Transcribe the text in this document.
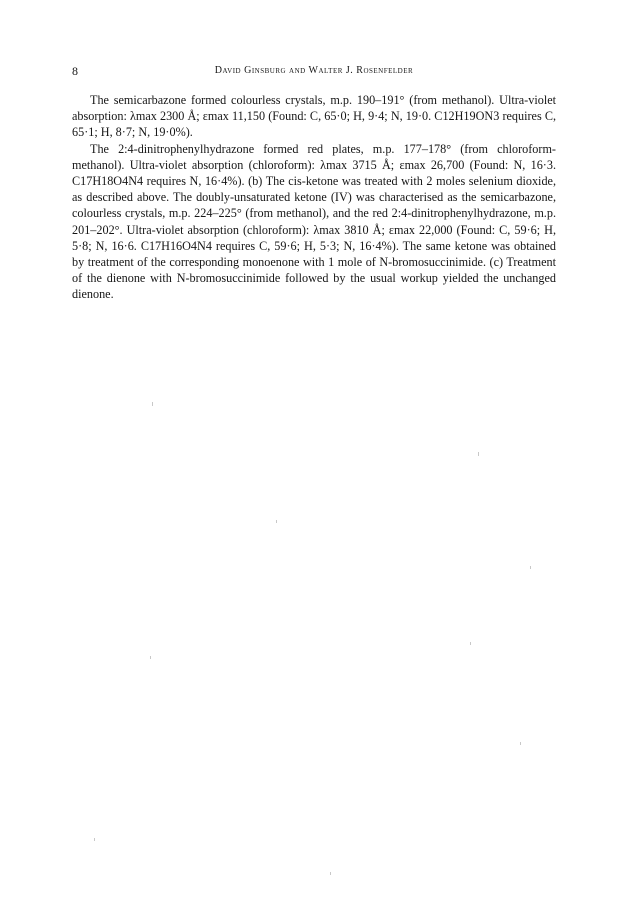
8	David Ginsburg and Walter J. Rosenfelder

The semicarbazone formed colourless crystals, m.p. 190–191° (from methanol). Ultra-violet absorption: λmax 2300 Å; εmax 11,150 (Found: C, 65·0; H, 9·4; N, 19·0. C12H19ON3 requires C, 65·1; H, 8·7; N, 19·0%).

The 2:4-dinitrophenylhydrazone formed red plates, m.p. 177–178° (from chloroform-methanol). Ultra-violet absorption (chloroform): λmax 3715 Å; εmax 26,700 (Found: N, 16·3. C17H18O4N4 requires N, 16·4%). (b) The cis-ketone was treated with 2 moles selenium dioxide, as described above. The doubly-unsaturated ketone (IV) was characterised as the semicarbazone, colourless crystals, m.p. 224–225° (from methanol), and the red 2:4-dinitrophenylhydrazone, m.p. 201–202°. Ultra-violet absorption (chloroform): λmax 3810 Å; εmax 22,000 (Found: C, 59·6; H, 5·8; N, 16·6. C17H16O4N4 requires C, 59·6; H, 5·3; N, 16·4%). The same ketone was obtained by treatment of the corresponding monoenone with 1 mole of N-bromosuccinimide. (c) Treatment of the dienone with N-bromosuccinimide followed by the usual workup yielded the unchanged dienone.
